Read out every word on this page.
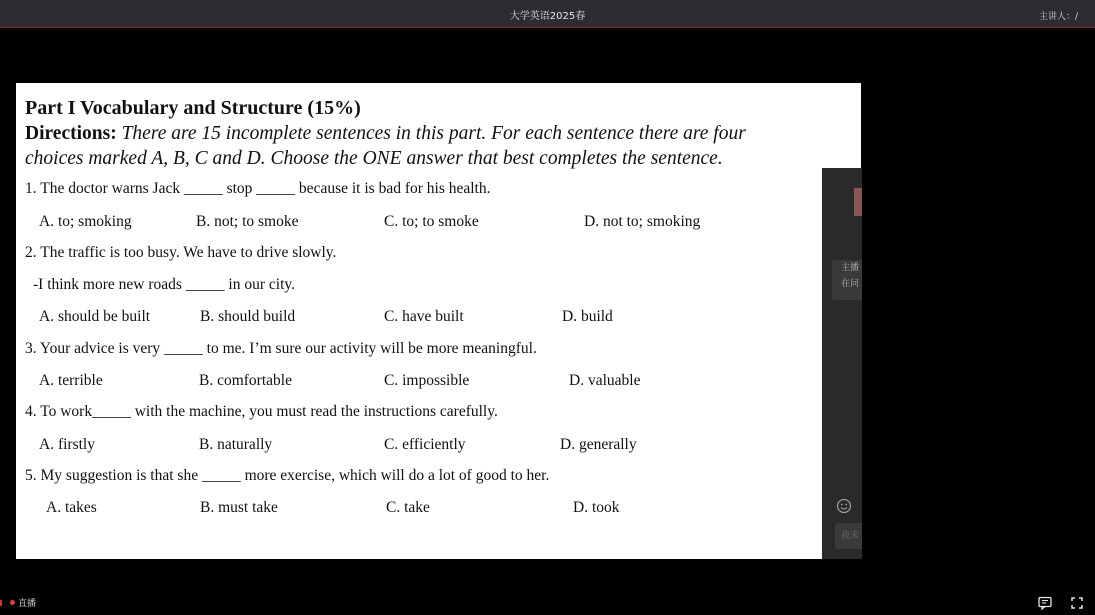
大学英语2025春	主讲人：/
Part I Vocabulary and Structure (15%)
Directions: There are 15 incomplete sentences in this part. For each sentence there are four
choices marked A, B, C and D. Choose the ONE answer that best completes the sentence.
1. The doctor warns Jack _____ stop _____ because it is bad for his health.
A. to; smoking	B. not; to smoke	C. to; to smoke	D. not to; smoking
2. The traffic is too busy. We have to drive slowly.
-I think more new roads _____ in our city.
A. should be built	B. should build	C. have built	D. build
3. Your advice is very _____ to me. I’m sure our activity will be more meaningful.
A. terrible	B. comfortable	C. impossible	D. valuable
4. To work_____ with the machine, you must read the instructions carefully.
A. firstly	B. naturally	C. efficiently	D. generally
5. My suggestion is that she _____ more exercise, which will do a lot of good to her.
A. takes	B. must take	C. take	D. took
主播
在问
我来
直播
